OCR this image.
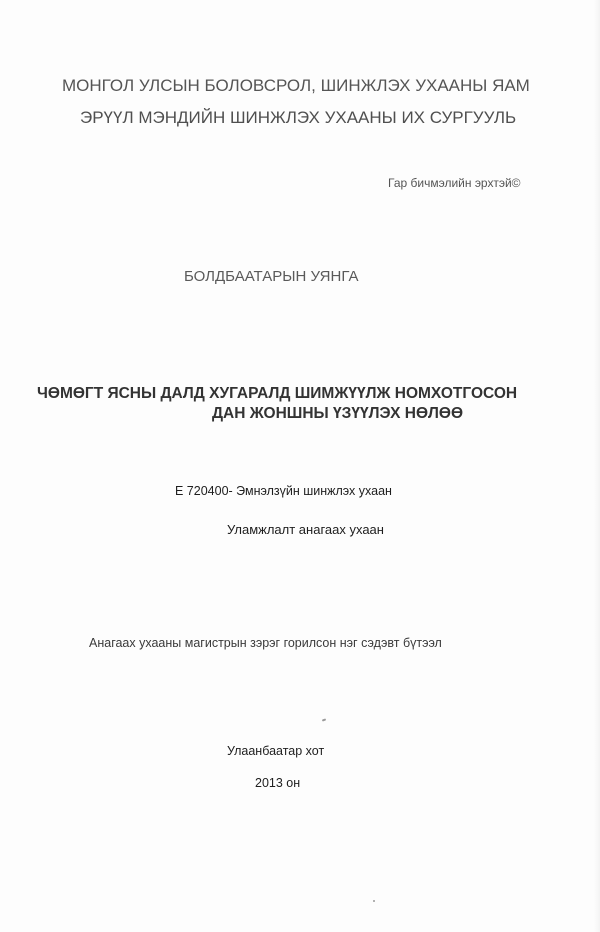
МОНГОЛ УЛСЫН БОЛОВСРОЛ, ШИНЖЛЭХ УХААНЫ ЯАМ
ЭРҮҮЛ МЭНДИЙН ШИНЖЛЭХ УХААНЫ ИХ СУРГУУЛЬ
Гар бичмэлийн эрхтэй©
БОЛДБААТАРЫН УЯНГА
ЧӨМӨГТ ЯСНЫ ДАЛД ХУГАРАЛД ШИМЖҮҮЛЖ НОМХОТГОСОН
ДАН ЖОНШНЫ ҮЗҮҮЛЭХ НӨЛӨӨ
E 720400- Эмнэлзүйн шинжлэх ухаан
Уламжлалт анагаах ухаан
Анагаах ухааны магистрын зэрэг горилсон нэг сэдэвт бүтээл
Улаанбаатар хот
2013 он
